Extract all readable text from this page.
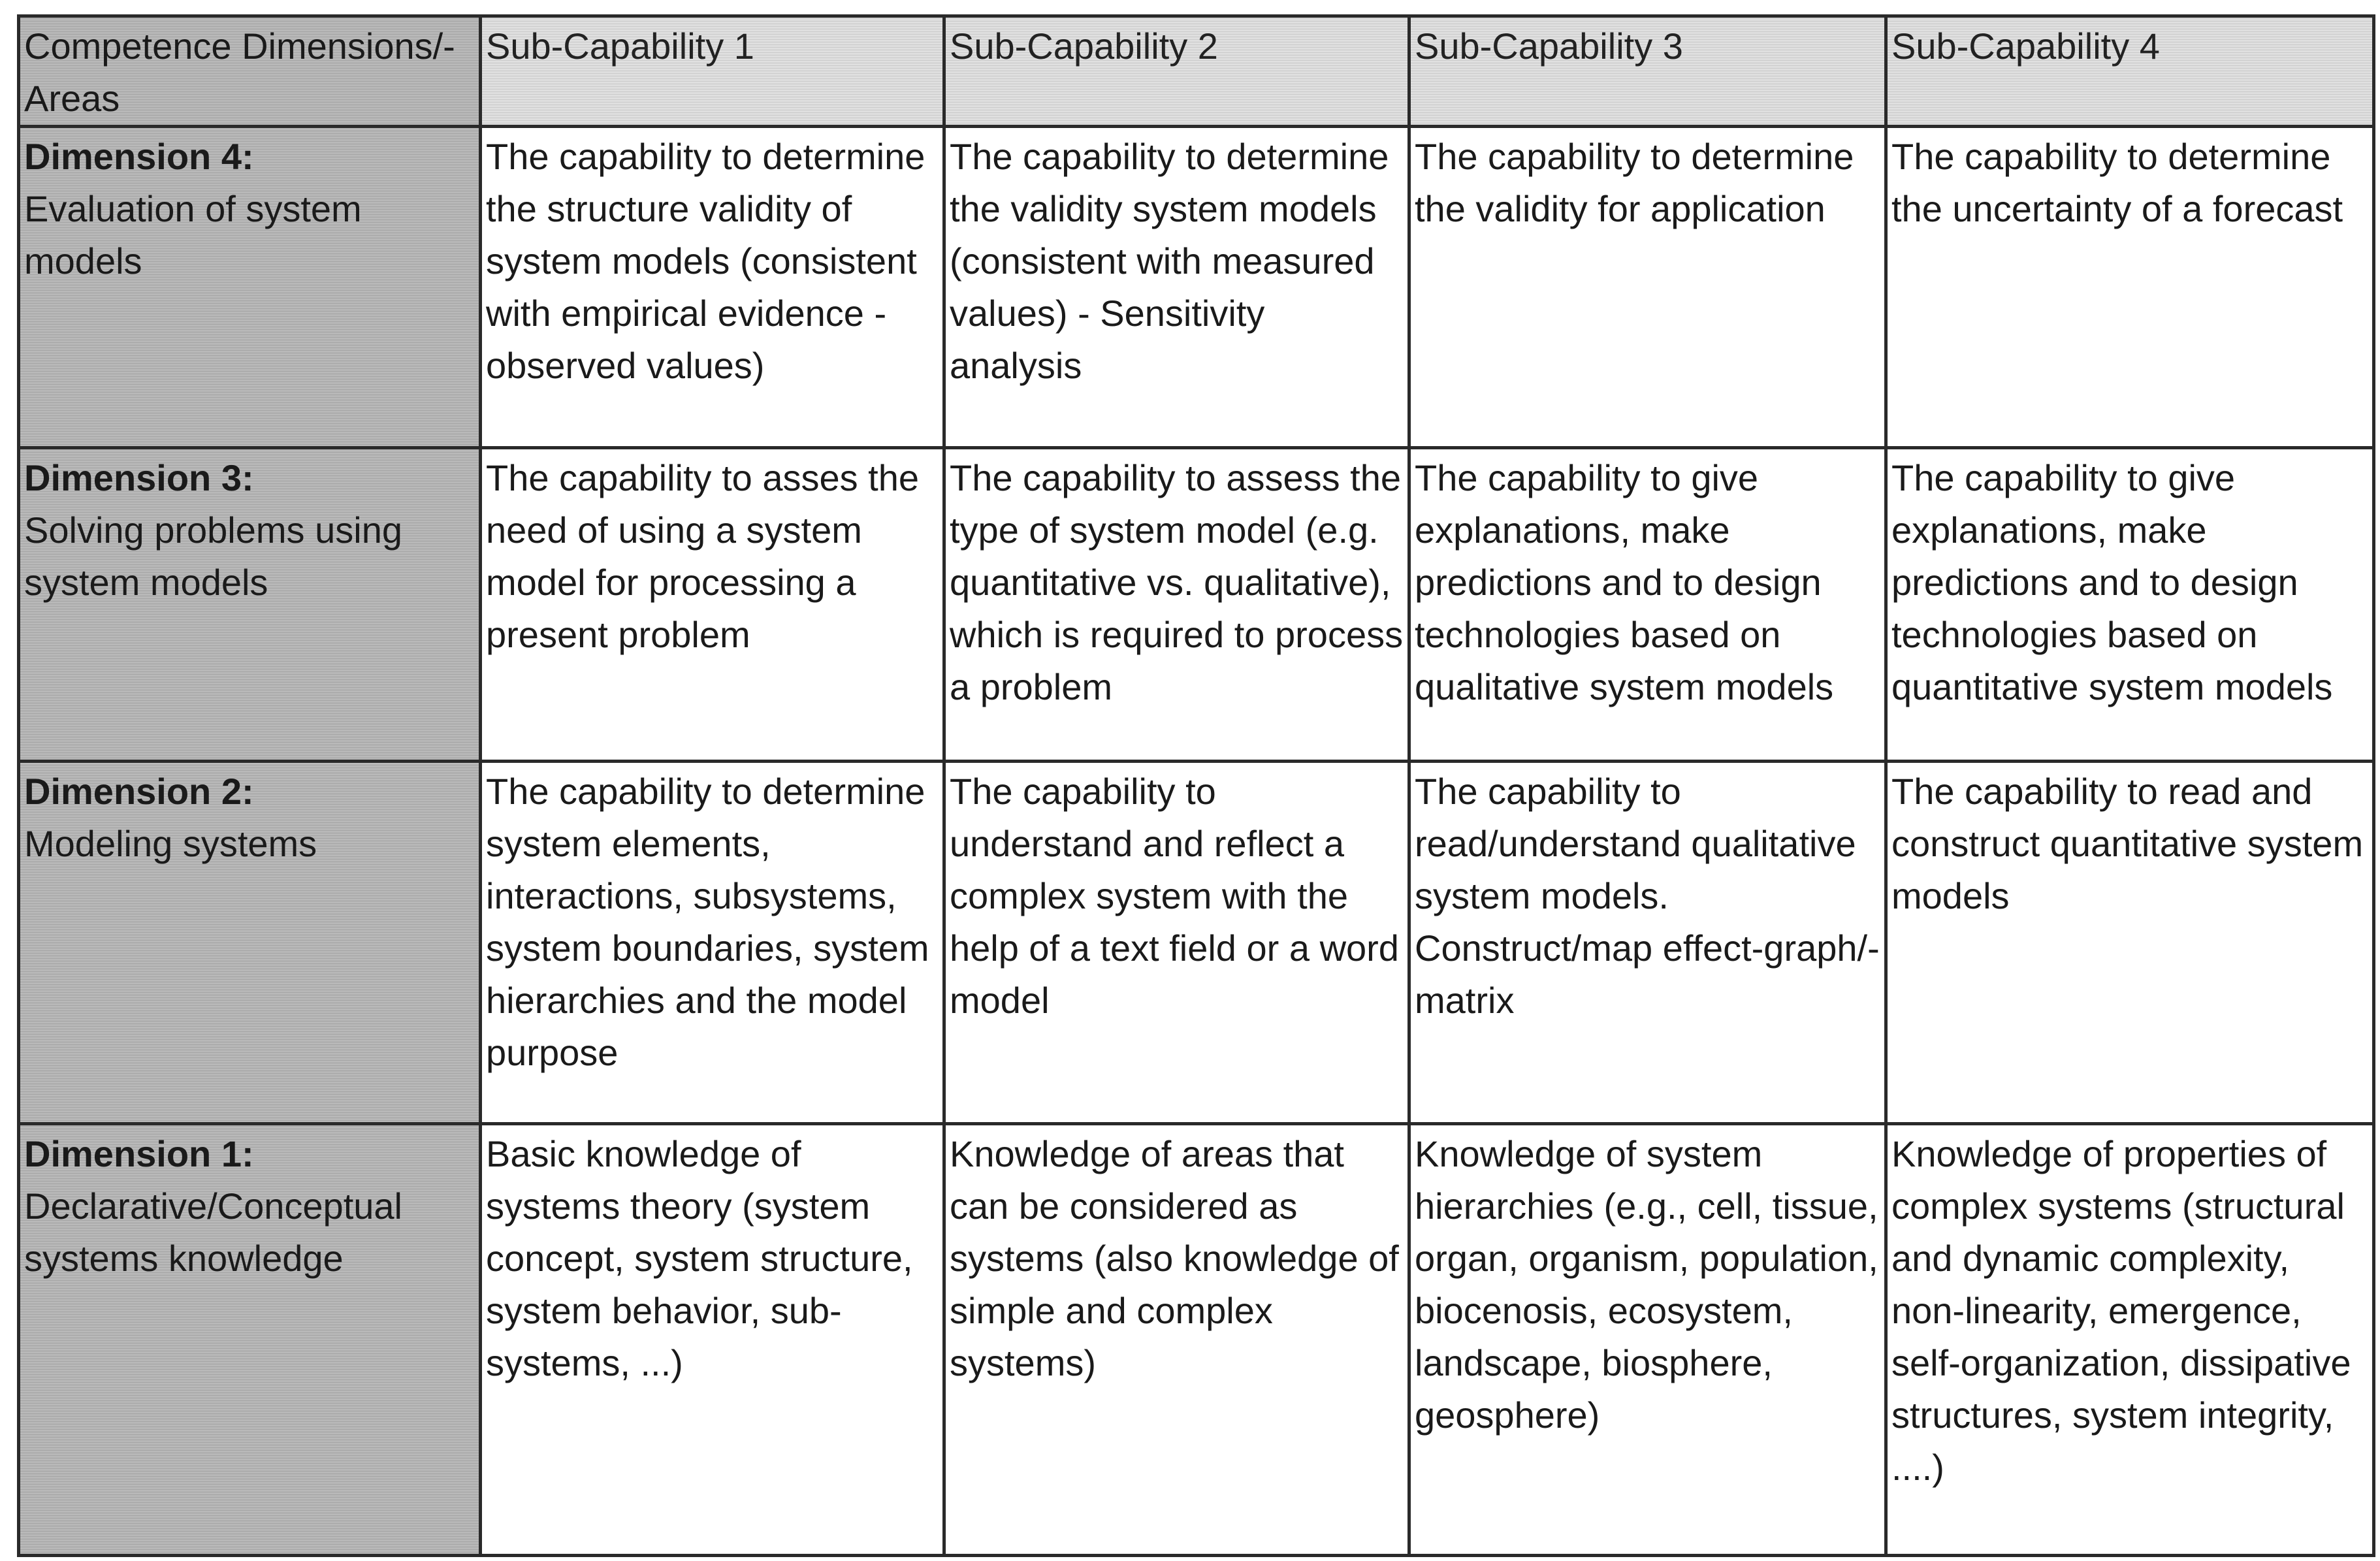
Competence Dimensions/-Areas	Sub-Capability 1	Sub-Capability 2	Sub-Capability 3	Sub-Capability 4

Dimension 4:
Evaluation of system models	The capability to determine the structure validity of system models (consistent with empirical evidence - observed values)	The capability to determine the validity system models (consistent with measured values) - Sensitivity analysis	The capability to determine the validity for application	The capability to determine the uncertainty of a forecast

Dimension 3:
Solving problems using system models	The capability to asses the need of using a system model for processing a present problem	The capability to assess the type of system model (e.g. quantitative vs. qualitative), which is required to process a problem	The capability to give explanations, make predictions and to design technologies based on qualitative system models	The capability to give explanations, make predictions and to design technologies based on quantitative system models

Dimension 2:
Modeling systems	The capability to determine system elements, interactions, subsystems, system boundaries, system hierarchies and the model purpose	The capability to understand and reflect a complex system with the help of a text field or a word model	The capability to read/understand qualitative system models. Construct/map effect-graph/-matrix	The capability to read and construct quantitative system models

Dimension 1:
Declarative/Conceptual systems knowledge	Basic knowledge of systems theory (system concept, system structure, system behavior, sub-systems, ...)	Knowledge of areas that can be considered as systems (also knowledge of simple and complex systems)	Knowledge of system hierarchies (e.g., cell, tissue, organ, organism, population, biocenosis, ecosystem, landscape, biosphere, geosphere)	Knowledge of properties of complex systems (structural and dynamic complexity, non-linearity, emergence, self-organization, dissipative structures, system integrity, ....)
